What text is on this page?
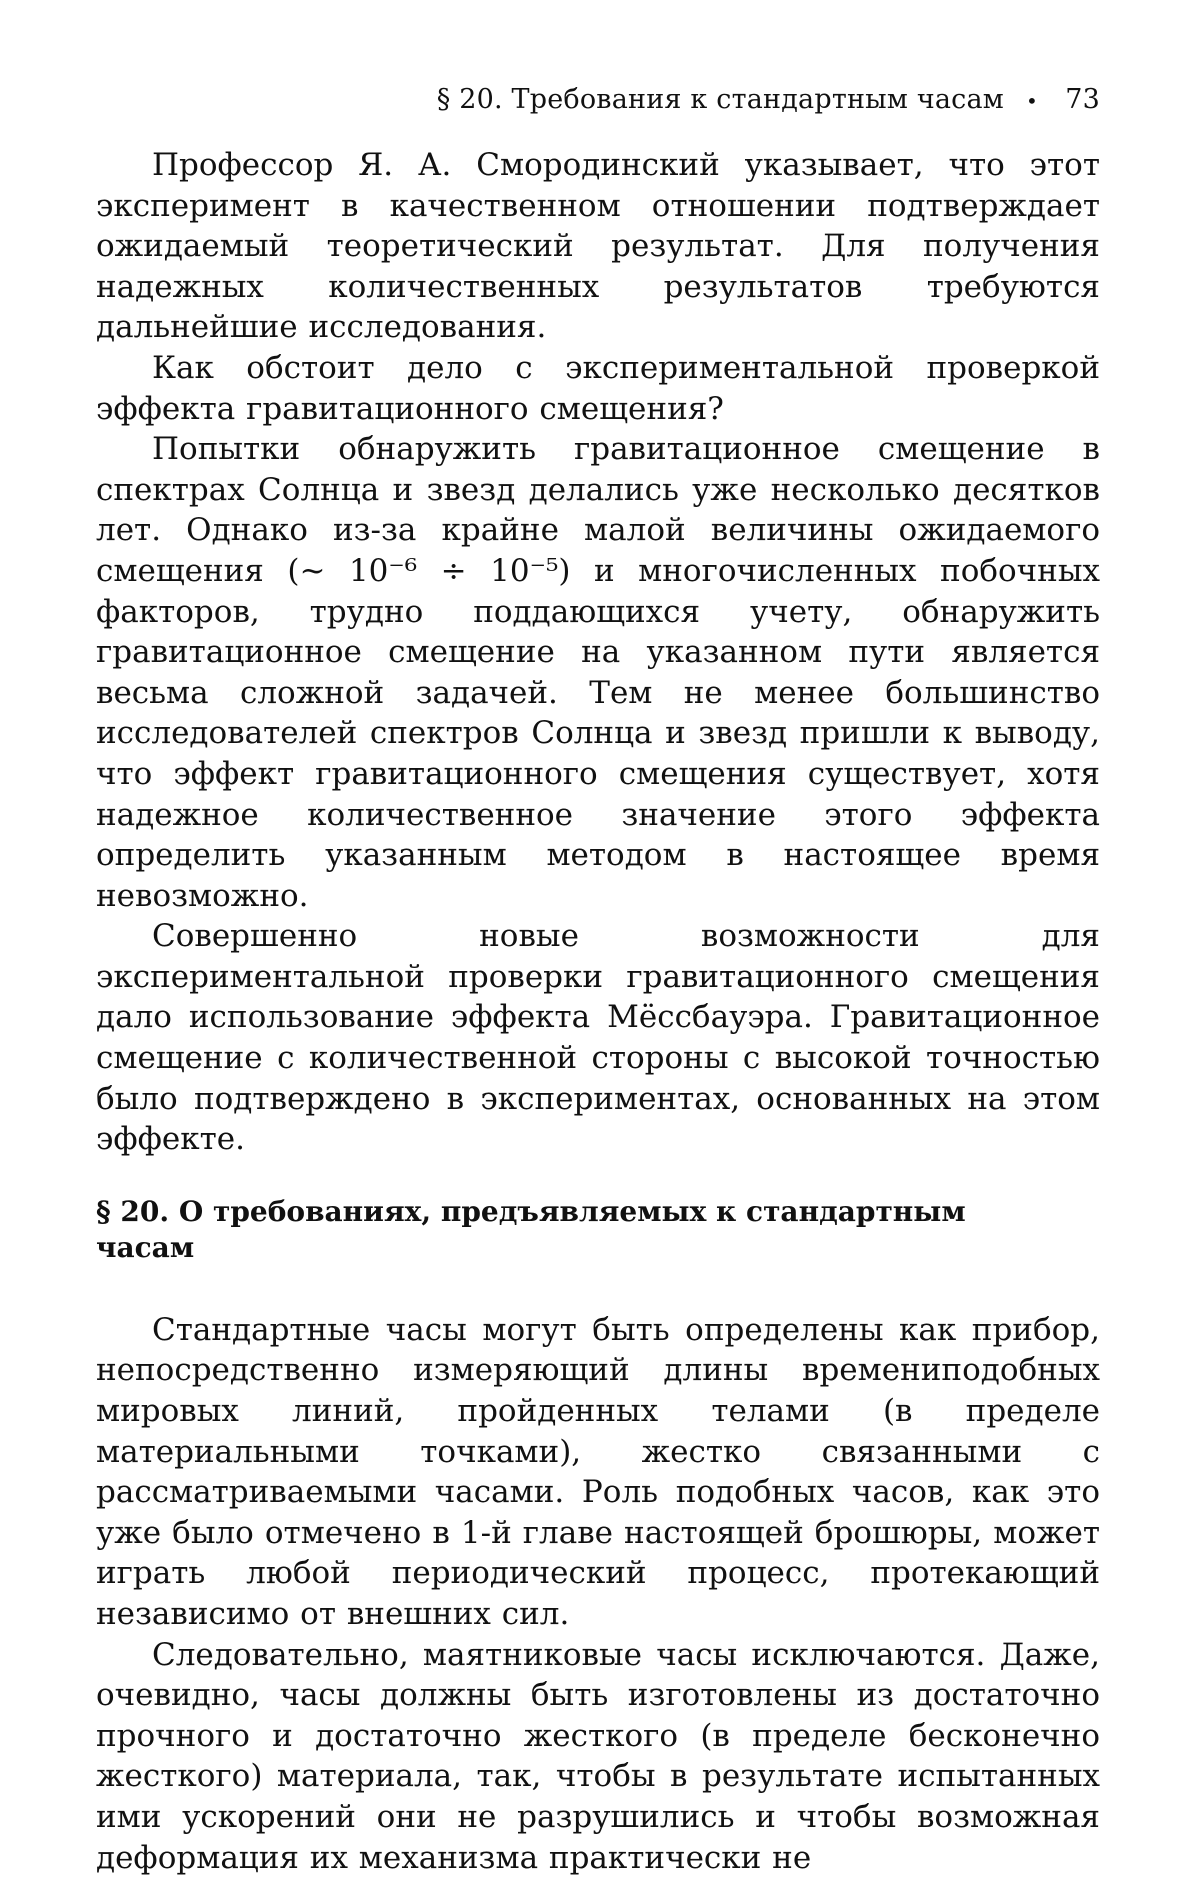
§ 20. Требования к стандартным часам • 73

Профессор Я. А. Смородинский указывает, что этот эксперимент в качественном отношении подтверждает ожидаемый теоретический результат. Для получения надежных количественных результатов требуются дальнейшие исследования.

Как обстоит дело с экспериментальной проверкой эффекта гравитационного смещения?

Попытки обнаружить гравитационное смещение в спектрах Солнца и звезд делались уже несколько десятков лет. Однако из-за крайне малой величины ожидаемого смещения (~ 10⁻⁶ ÷ 10⁻⁵) и многочисленных побочных факторов, трудно поддающихся учету, обнаружить гравитационное смещение на указанном пути является весьма сложной задачей. Тем не менее большинство исследователей спектров Солнца и звезд пришли к выводу, что эффект гравитационного смещения существует, хотя надежное количественное значение этого эффекта определить указанным методом в настоящее время невозможно.

Совершенно новые возможности для экспериментальной проверки гравитационного смещения дало использование эффекта Мёссбауэра. Гравитационное смещение с количественной стороны с высокой точностью было подтверждено в экспериментах, основанных на этом эффекте.

§ 20. О требованиях, предъявляемых к стандартным часам

Стандартные часы могут быть определены как прибор, непосредственно измеряющий длины времениподобных мировых линий, пройденных телами (в пределе материальными точками), жестко связанными с рассматриваемыми часами. Роль подобных часов, как это уже было отмечено в 1-й главе настоящей брошюры, может играть любой периодический процесс, протекающий независимо от внешних сил.

Следовательно, маятниковые часы исключаются. Даже, очевидно, часы должны быть изготовлены из достаточно прочного и достаточно жесткого (в пределе бесконечно жесткого) материала, так, чтобы в результате испытанных ими ускорений они не разрушились и чтобы возможная деформация их механизма практически не
